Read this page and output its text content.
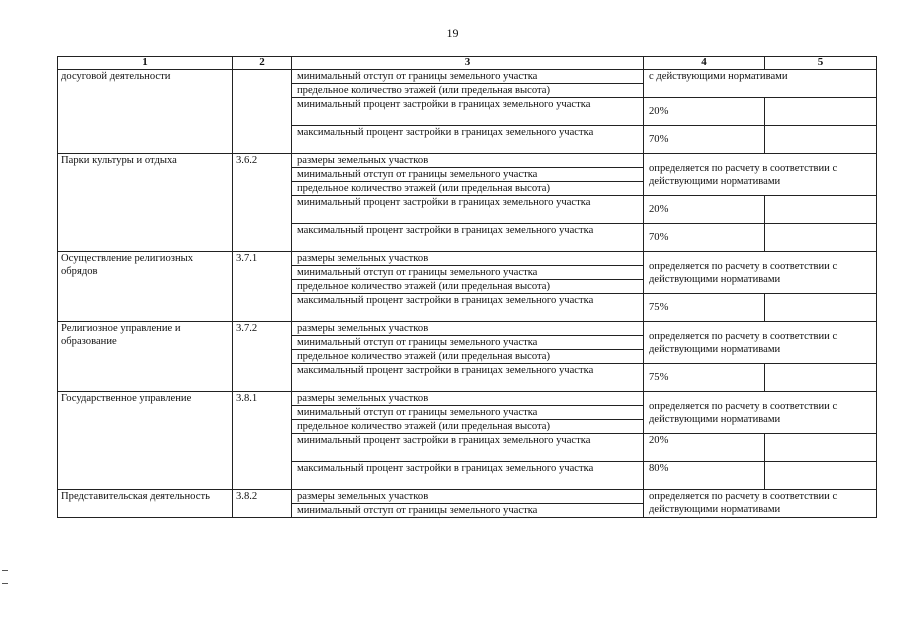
19
1	2	3	4	5
досуговой деятельности		минимальный отступ от границы земельного участка	с действующими нормативами	
		предельное количество этажей (или предельная высота)		
		минимальный процент застройки в границах земельного участка	20%	
		максимальный процент застройки в границах земельного участка	70%	
Парки культуры и отдыха	3.6.2	размеры земельных участков	определяется по расчету в соответствии с действующими нормативами	
		минимальный отступ от границы земельного участка		
		предельное количество этажей (или предельная высота)		
		минимальный процент застройки в границах земельного участка	20%	
		максимальный процент застройки в границах земельного участка	70%	
Осуществление религиозных обрядов	3.7.1	размеры земельных участков	определяется по расчету в соответствии с действующими нормативами	
		минимальный отступ от границы земельного участка		
		предельное количество этажей (или предельная высота)		
		максимальный процент застройки в границах земельного участка	75%	
Религиозное управление и образование	3.7.2	размеры земельных участков	определяется по расчету в соответствии с действующими нормативами	
		минимальный отступ от границы земельного участка		
		предельное количество этажей (или предельная высота)		
		максимальный процент застройки в границах земельного участка	75%	
Государственное управление	3.8.1	размеры земельных участков	определяется по расчету в соответствии с действующими нормативами	
		минимальный отступ от границы земельного участка		
		предельное количество этажей (или предельная высота)		
		минимальный процент застройки в границах земельного участка	20%	
		максимальный процент застройки в границах земельного участка	80%	
Представительская деятельность	3.8.2	размеры земельных участков	определяется по расчету в соответствии с действующими нормативами	
		минимальный отступ от границы земельного участка		
